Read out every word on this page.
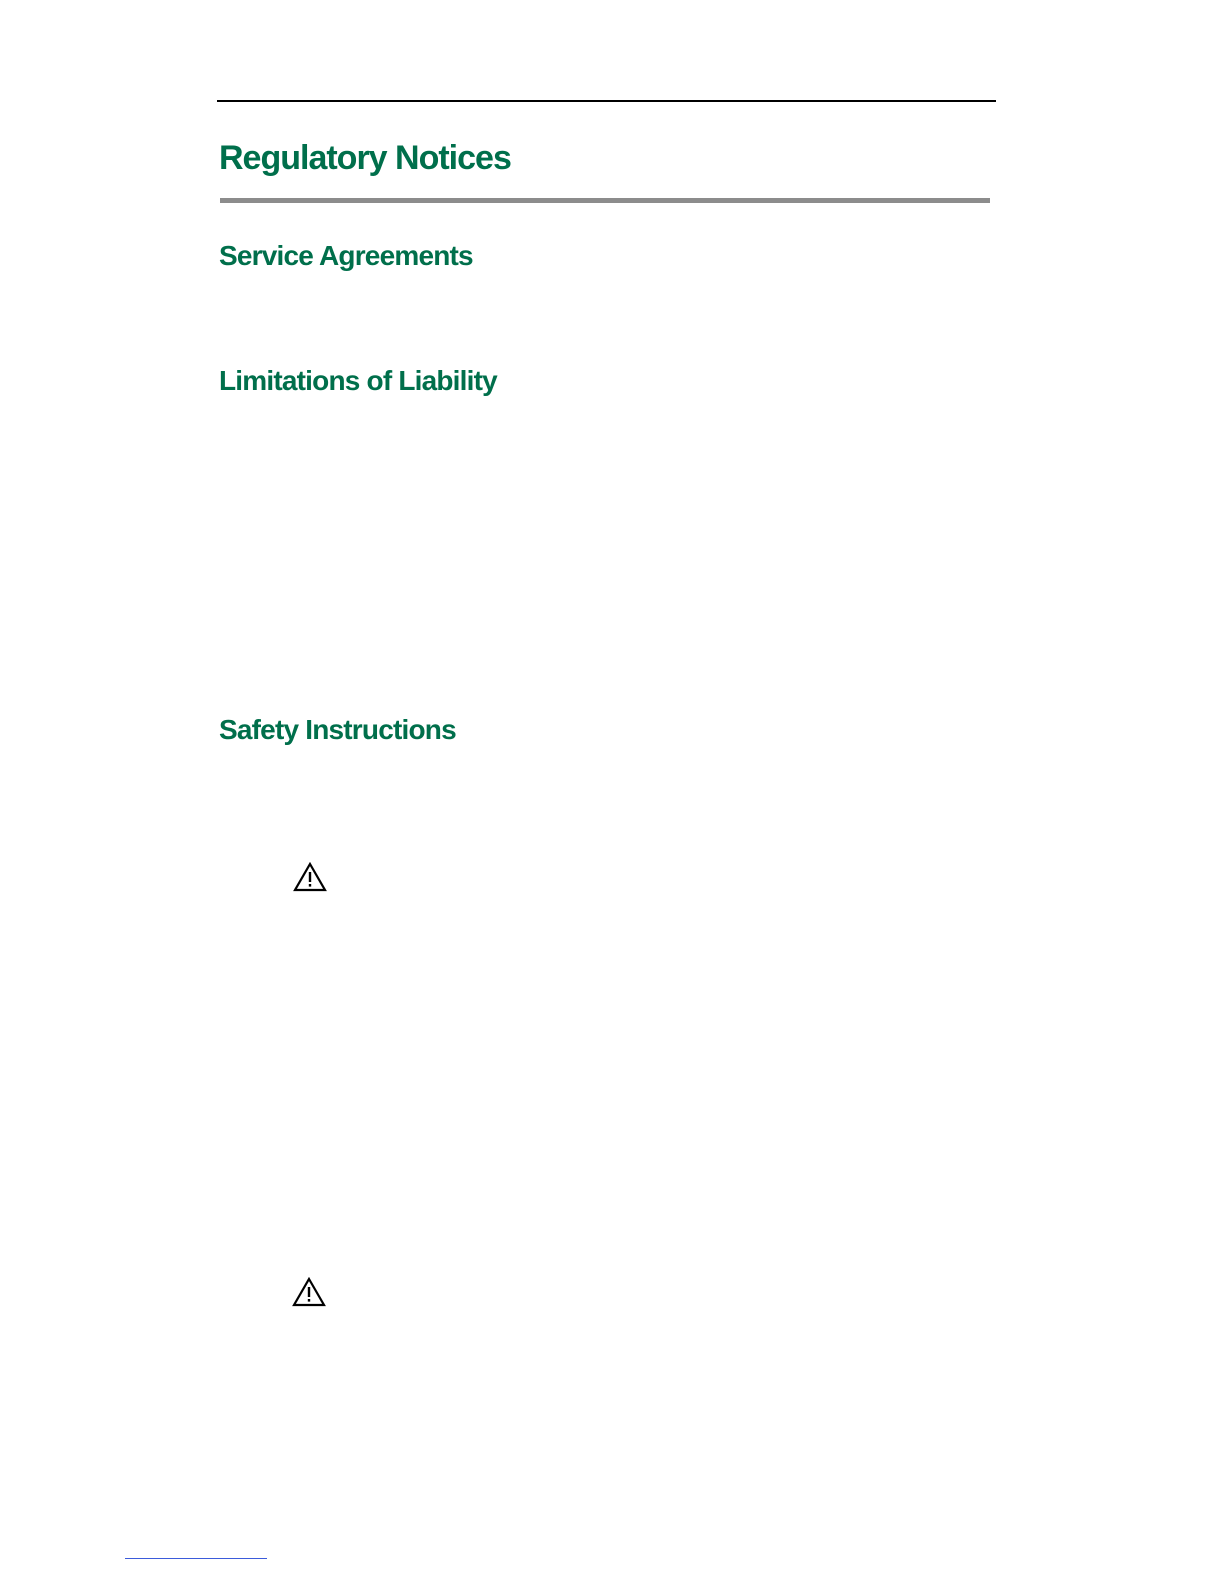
Regulatory Notices
Service Agreements
Limitations of Liability
Safety Instructions
